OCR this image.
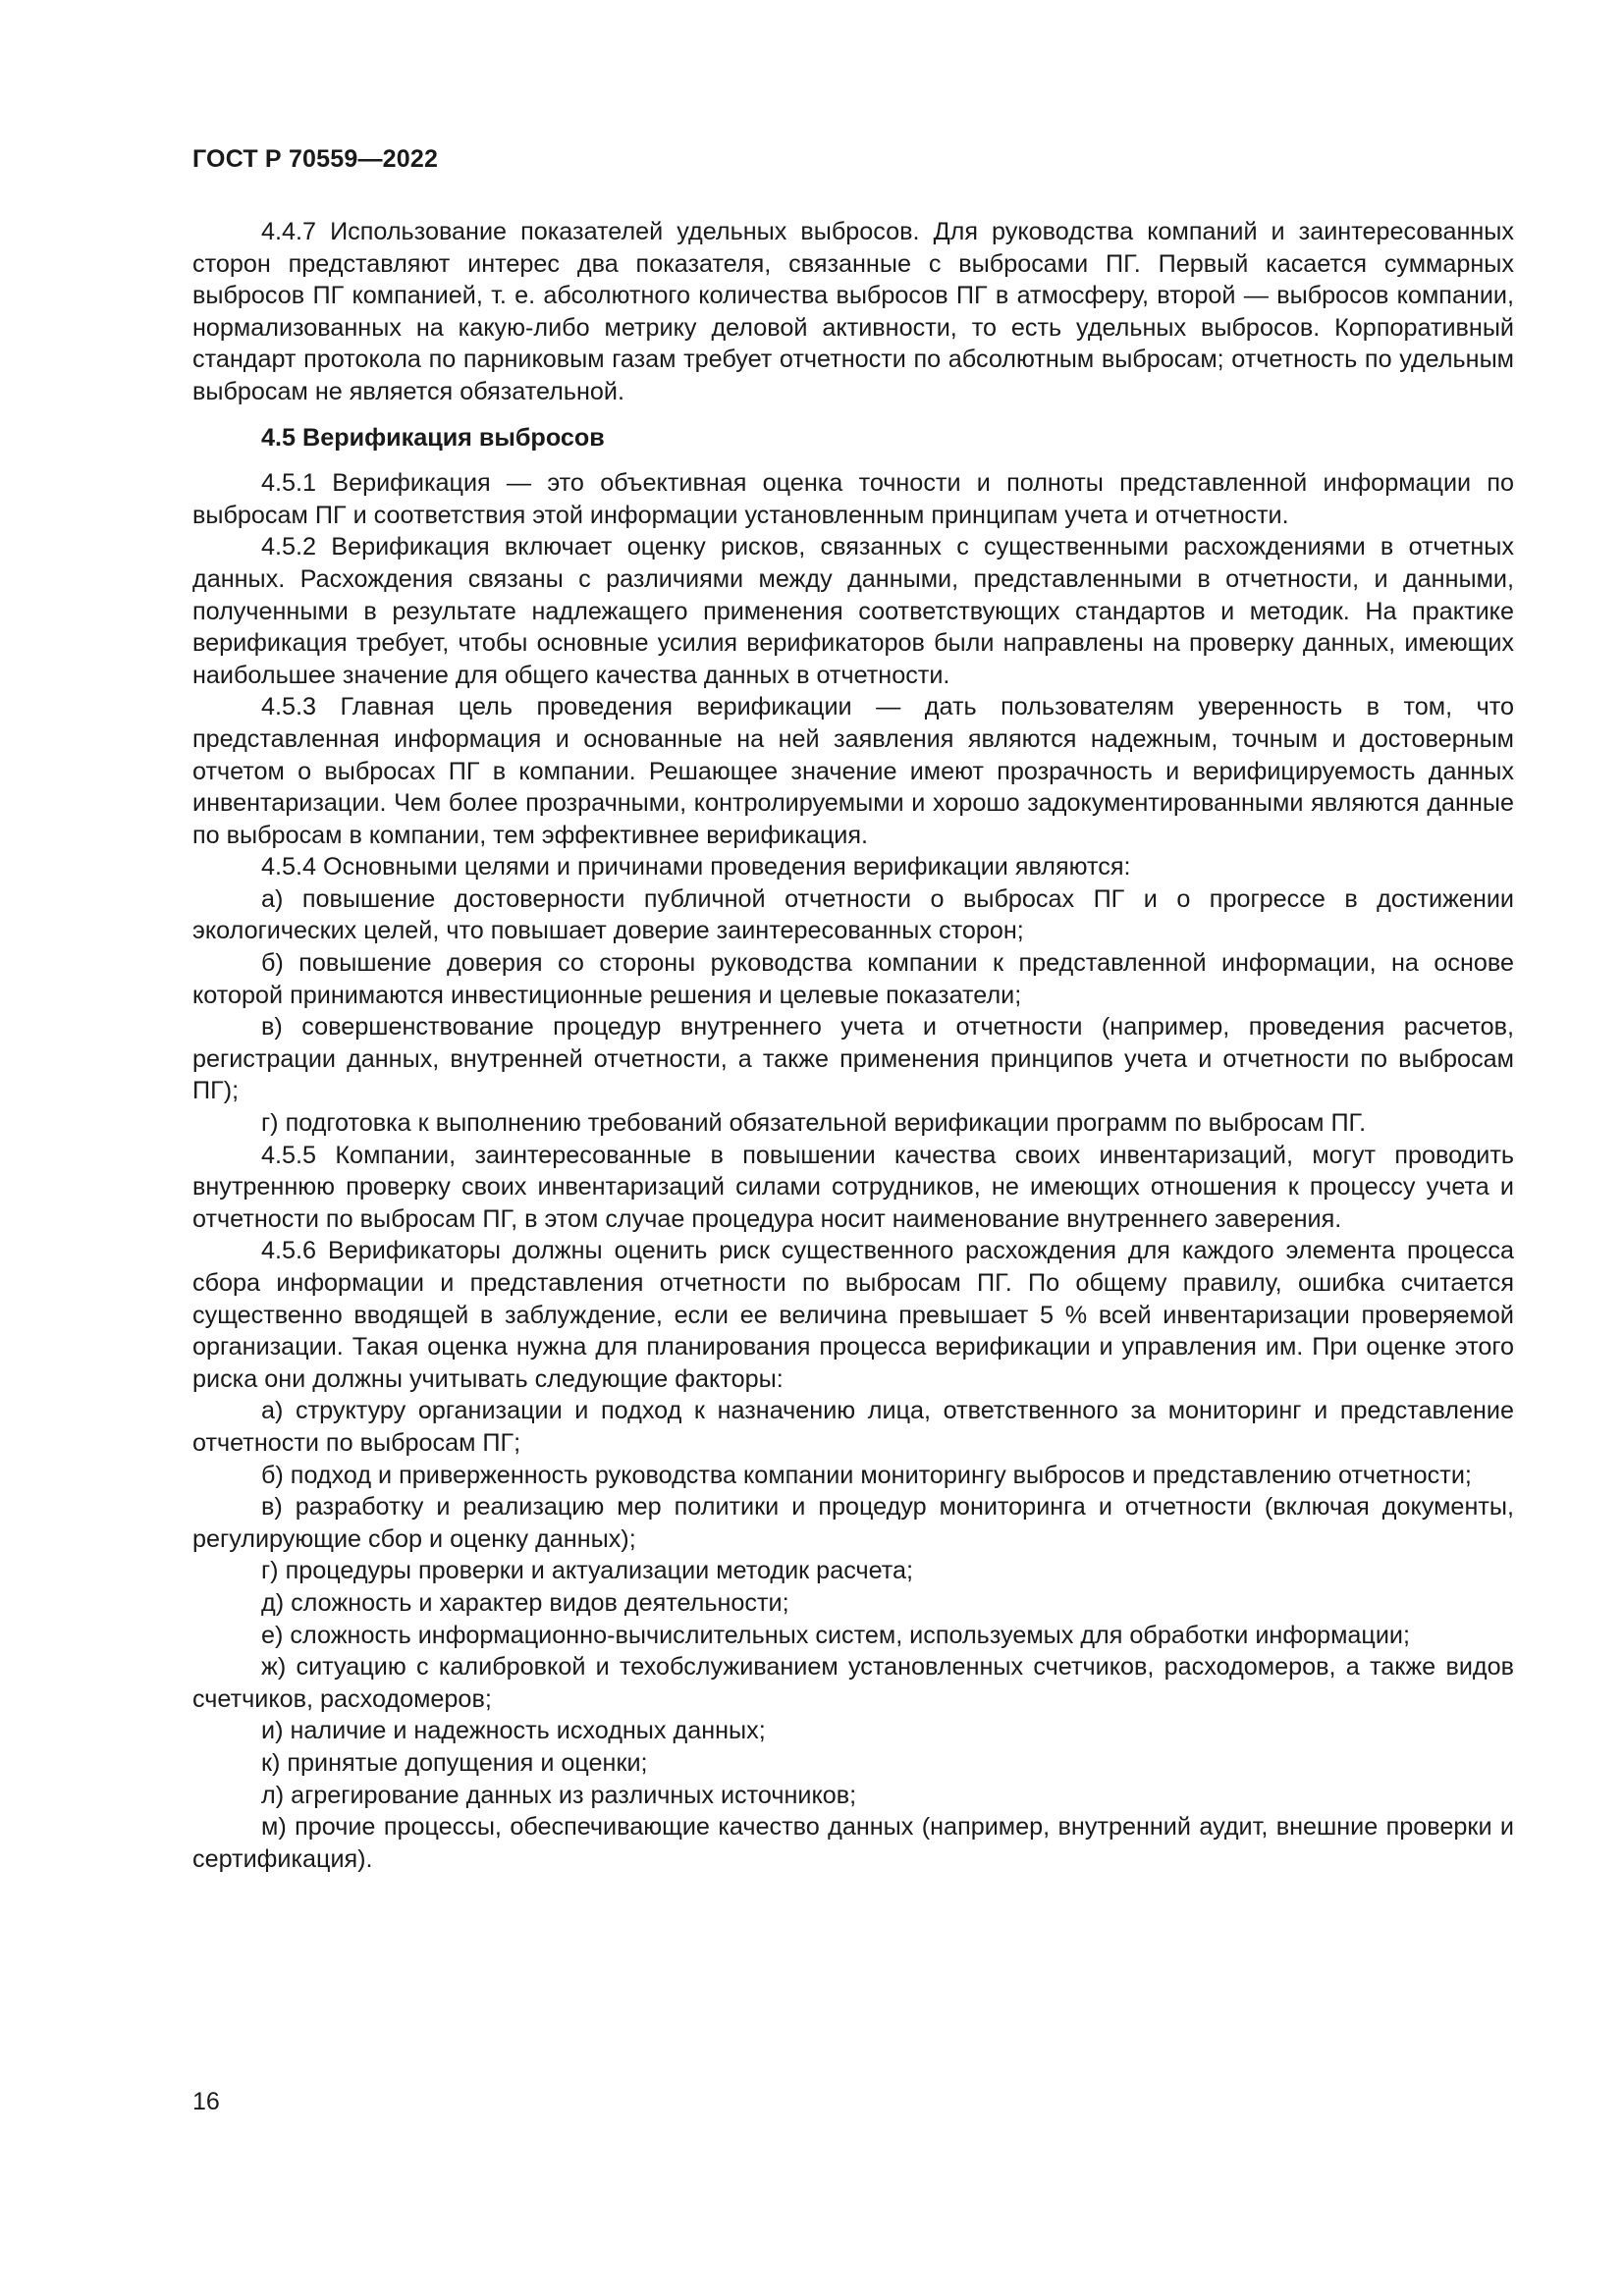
ГОСТ Р 70559—2022

4.4.7 Использование показателей удельных выбросов. Для руководства компаний и заинтересованных сторон представляют интерес два показателя, связанные с выбросами ПГ. Первый касается суммарных выбросов ПГ компанией, т. е. абсолютного количества выбросов ПГ в атмосферу, второй — выбросов компании, нормализованных на какую-либо метрику деловой активности, то есть удельных выбросов. Корпоративный стандарт протокола по парниковым газам требует отчетности по абсолютным выбросам; отчетность по удельным выбросам не является обязательной.

4.5 Верификация выбросов

4.5.1 Верификация — это объективная оценка точности и полноты представленной информации по выбросам ПГ и соответствия этой информации установленным принципам учета и отчетности.

4.5.2 Верификация включает оценку рисков, связанных с существенными расхождениями в отчетных данных. Расхождения связаны с различиями между данными, представленными в отчетности, и данными, полученными в результате надлежащего применения соответствующих стандартов и методик. На практике верификация требует, чтобы основные усилия верификаторов были направлены на проверку данных, имеющих наибольшее значение для общего качества данных в отчетности.

4.5.3 Главная цель проведения верификации — дать пользователям уверенность в том, что представленная информация и основанные на ней заявления являются надежным, точным и достоверным отчетом о выбросах ПГ в компании. Решающее значение имеют прозрачность и верифицируемость данных инвентаризации. Чем более прозрачными, контролируемыми и хорошо задокументированными являются данные по выбросам в компании, тем эффективнее верификация.

4.5.4 Основными целями и причинами проведения верификации являются:

а) повышение достоверности публичной отчетности о выбросах ПГ и о прогрессе в достижении экологических целей, что повышает доверие заинтересованных сторон;

б) повышение доверия со стороны руководства компании к представленной информации, на основе которой принимаются инвестиционные решения и целевые показатели;

в) совершенствование процедур внутреннего учета и отчетности (например, проведения расчетов, регистрации данных, внутренней отчетности, а также применения принципов учета и отчетности по выбросам ПГ);

г) подготовка к выполнению требований обязательной верификации программ по выбросам ПГ.

4.5.5 Компании, заинтересованные в повышении качества своих инвентаризаций, могут проводить внутреннюю проверку своих инвентаризаций силами сотрудников, не имеющих отношения к процессу учета и отчетности по выбросам ПГ, в этом случае процедура носит наименование внутреннего заверения.

4.5.6 Верификаторы должны оценить риск существенного расхождения для каждого элемента процесса сбора информации и представления отчетности по выбросам ПГ. По общему правилу, ошибка считается существенно вводящей в заблуждение, если ее величина превышает 5 % всей инвентаризации проверяемой организации. Такая оценка нужна для планирования процесса верификации и управления им. При оценке этого риска они должны учитывать следующие факторы:

а) структуру организации и подход к назначению лица, ответственного за мониторинг и представление отчетности по выбросам ПГ;

б) подход и приверженность руководства компании мониторингу выбросов и представлению отчетности;

в) разработку и реализацию мер политики и процедур мониторинга и отчетности (включая документы, регулирующие сбор и оценку данных);

г) процедуры проверки и актуализации методик расчета;

д) сложность и характер видов деятельности;

е) сложность информационно-вычислительных систем, используемых для обработки информации;

ж) ситуацию с калибровкой и техобслуживанием установленных счетчиков, расходомеров, а также видов счетчиков, расходомеров;

и) наличие и надежность исходных данных;

к) принятые допущения и оценки;

л) агрегирование данных из различных источников;

м) прочие процессы, обеспечивающие качество данных (например, внутренний аудит, внешние проверки и сертификация).

16
